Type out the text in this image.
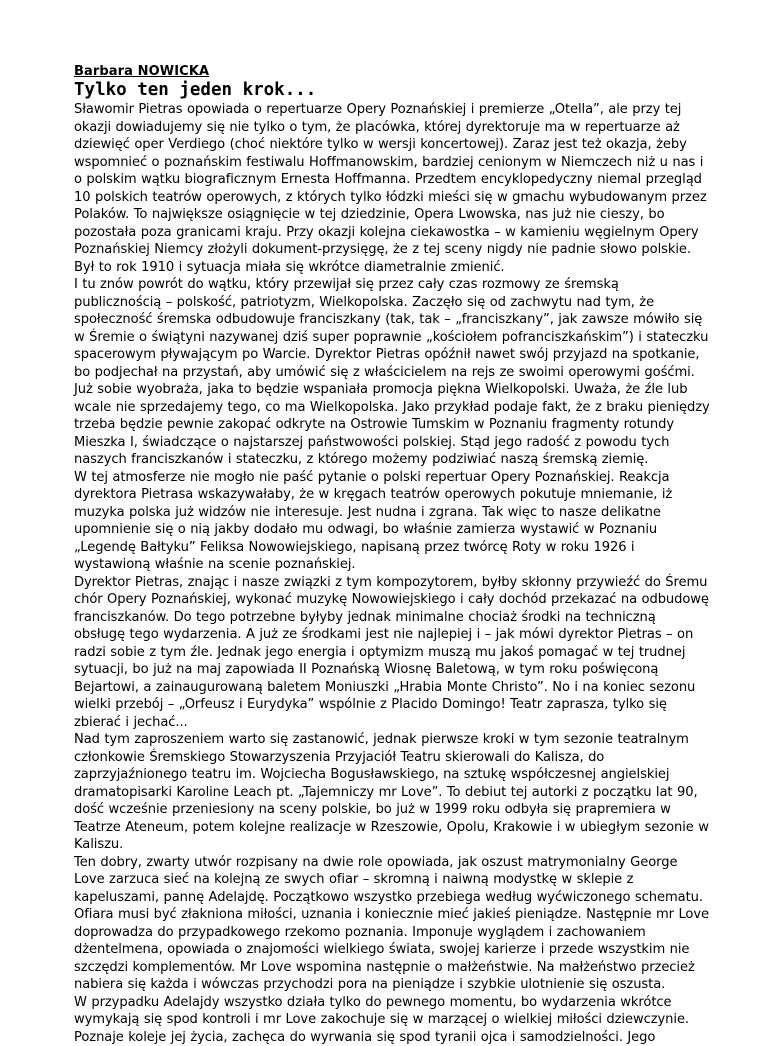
Barbara NOWICKA
Tylko ten jeden krok...

Sławomir Pietras opowiada o repertuarze Opery Poznańskiej i premierze „Otella”, ale przy tej okazji dowiadujemy się nie tylko o tym, że placówka, której dyrektoruje ma w repertuarze aż dziewięć oper Verdiego (choć niektóre tylko w wersji koncertowej). Zaraz jest też okazja, żeby wspomnieć o poznańskim festiwalu Hoffmanowskim, bardziej cenionym w Niemczech niż u nas i o polskim wątku biograficznym Ernesta Hoffmanna. Przedtem encyklopedyczny niemal przegląd 10 polskich teatrów operowych, z których tylko łódzki mieści się w gmachu wybudowanym przez Polaków. To największe osiągnięcie w tej dziedzinie, Opera Lwowska, nas już nie cieszy, bo pozostała poza granicami kraju. Przy okazji kolejna ciekawostka – w kamieniu węgielnym Opery Poznańskiej Niemcy złożyli dokument-przysięgę, że z tej sceny nigdy nie padnie słowo polskie. Był to rok 1910 i sytuacja miała się wkrótce diametralnie zmienić.

I tu znów powrót do wątku, który przewijał się przez cały czas rozmowy ze śremską publicznością – polskość, patriotyzm, Wielkopolska. Zaczęło się od zachwytu nad tym, że społeczność śremska odbudowuje franciszkany (tak, tak – „franciszkany”, jak zawsze mówiło się w Śremie o świątyni nazywanej dziś super poprawnie „kościołem pofranciszkańskim”) i stateczku spacerowym pływającym po Warcie. Dyrektor Pietras opóźnił nawet swój przyjazd na spotkanie, bo podjechał na przystań, aby umówić się z właścicielem na rejs ze swoimi operowymi gośćmi. Już sobie wyobraża, jaka to będzie wspaniała promocja piękna Wielkopolski. Uważa, że źle lub wcale nie sprzedajemy tego, co ma Wielkopolska. Jako przykład podaje fakt, że z braku pieniędzy trzeba będzie pewnie zakopać odkryte na Ostrowie Tumskim w Poznaniu fragmenty rotundy Mieszka I, świadczące o najstarszej państwowości polskiej. Stąd jego radość z powodu tych naszych franciszkanów i stateczku, z którego możemy podziwiać naszą śremską ziemię.

W tej atmosferze nie mogło nie paść pytanie o polski repertuar Opery Poznańskiej. Reakcja dyrektora Pietrasa wskazywałaby, że w kręgach teatrów operowych pokutuje mniemanie, iż muzyka polska już widzów nie interesuje. Jest nudna i zgrana. Tak więc to nasze delikatne upomnienie się o nią jakby dodało mu odwagi, bo właśnie zamierza wystawić w Poznaniu „Legendę Bałtyku” Feliksa Nowowiejskiego, napisaną przez twórcę Roty w roku 1926 i wystawioną właśnie na scenie poznańskiej.

Dyrektor Pietras, znając i nasze związki z tym kompozytorem, byłby skłonny przywieźć do Śremu chór Opery Poznańskiej, wykonać muzykę Nowowiejskiego i cały dochód przekazać na odbudowę franciszkanów. Do tego potrzebne byłyby jednak minimalne chociaż środki na techniczną obsługę tego wydarzenia. A już ze środkami jest nie najlepiej i – jak mówi dyrektor Pietras – on radzi sobie z tym źle. Jednak jego energia i optymizm muszą mu jakoś pomagać w tej trudnej sytuacji, bo już na maj zapowiada II Poznańską Wiosnę Baletową, w tym roku poświęconą Bejartowi, a zainaugurowaną baletem Moniuszki „Hrabia Monte Christo”. No i na koniec sezonu wielki przebój – „Orfeusz i Eurydyka” wspólnie z Placido Domingo! Teatr zaprasza, tylko się zbierać i jechać...

Nad tym zaproszeniem warto się zastanowić, jednak pierwsze kroki w tym sezonie teatralnym członkowie Śremskiego Stowarzyszenia Przyjaciół Teatru skierowali do Kalisza, do zaprzyjaźnionego teatru im. Wojciecha Bogusławskiego, na sztukę współczesnej angielskiej dramatopisarki Karoline Leach pt. „Tajemniczy mr Love”. To debiut tej autorki z początku lat 90, dość wcześnie przeniesiony na sceny polskie, bo już w 1999 roku odbyła się prapremiera w Teatrze Ateneum, potem kolejne realizacje w Rzeszowie, Opolu, Krakowie i w ubiegłym sezonie w Kaliszu.

Ten dobry, zwarty utwór rozpisany na dwie role opowiada, jak oszust matrymonialny George Love zarzuca sieć na kolejną ze swych ofiar – skromną i naiwną modystkę w sklepie z kapeluszami, pannę Adelajdę. Początkowo wszystko przebiega według wyćwiczonego schematu. Ofiara musi być złakniona miłości, uznania i koniecznie mieć jakieś pieniądze. Następnie mr Love doprowadza do przypadkowego rzekomo poznania. Imponuje wyglądem i zachowaniem dżentelmena, opowiada o znajomości wielkiego świata, swojej karierze i przede wszystkim nie szczędzi komplementów. Mr Love wspomina następnie o małżeństwie. Na małżeństwo przecież nabiera się każda i wówczas przychodzi pora na pieniądze i szybkie ulotnienie się oszusta.

W przypadku Adelajdy wszystko działa tylko do pewnego momentu, bo wydarzenia wkrótce wymykają się spod kontroli i mr Love zakochuje się w marzącej o wielkiej miłości dziewczynie. Poznaje koleje jej życia, zachęca do wyrwania się spod tyranii ojca i samodzielności. Jego
